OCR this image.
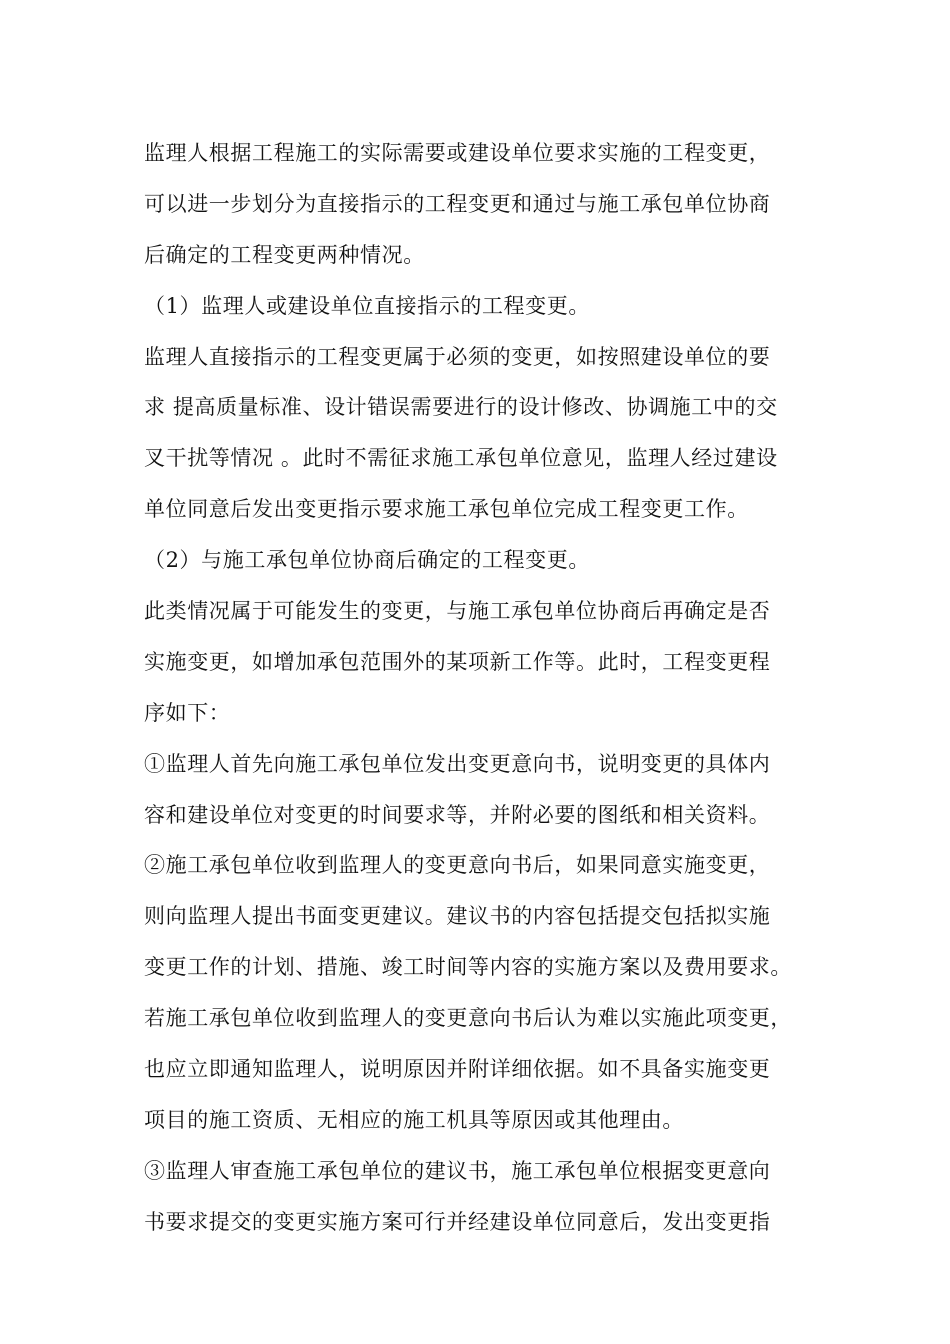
监理人根据工程施工的实际需要或建设单位要求实施的工程变更，
可以进一步划分为直接指示的工程变更和通过与施工承包单位协商
后确定的工程变更两种情况。
（1）监理人或建设单位直接指示的工程变更。
监理人直接指示的工程变更属于必须的变更，如按照建设单位的要
求 提高质量标准、设计错误需要进行的设计修改、协调施工中的交
叉干扰等情况 。此时不需征求施工承包单位意见，监理人经过建设
单位同意后发出变更指示要求施工承包单位完成工程变更工作。
（2）与施工承包单位协商后确定的工程变更。
此类情况属于可能发生的变更，与施工承包单位协商后再确定是否
实施变更，如增加承包范围外的某项新工作等。此时，工程变更程
序如下：
①监理人首先向施工承包单位发出变更意向书，说明变更的具体内
容和建设单位对变更的时间要求等，并附必要的图纸和相关资料。
②施工承包单位收到监理人的变更意向书后，如果同意实施变更，
则向监理人提出书面变更建议。建议书的内容包括提交包括拟实施
变更工作的计划、措施、竣工时间等内容的实施方案以及费用要求。
若施工承包单位收到监理人的变更意向书后认为难以实施此项变更，
也应立即通知监理人，说明原因并附详细依据。如不具备实施变更
项目的施工资质、无相应的施工机具等原因或其他理由。
③监理人审查施工承包单位的建议书，施工承包单位根据变更意向
书要求提交的变更实施方案可行并经建设单位同意后，发出变更指
